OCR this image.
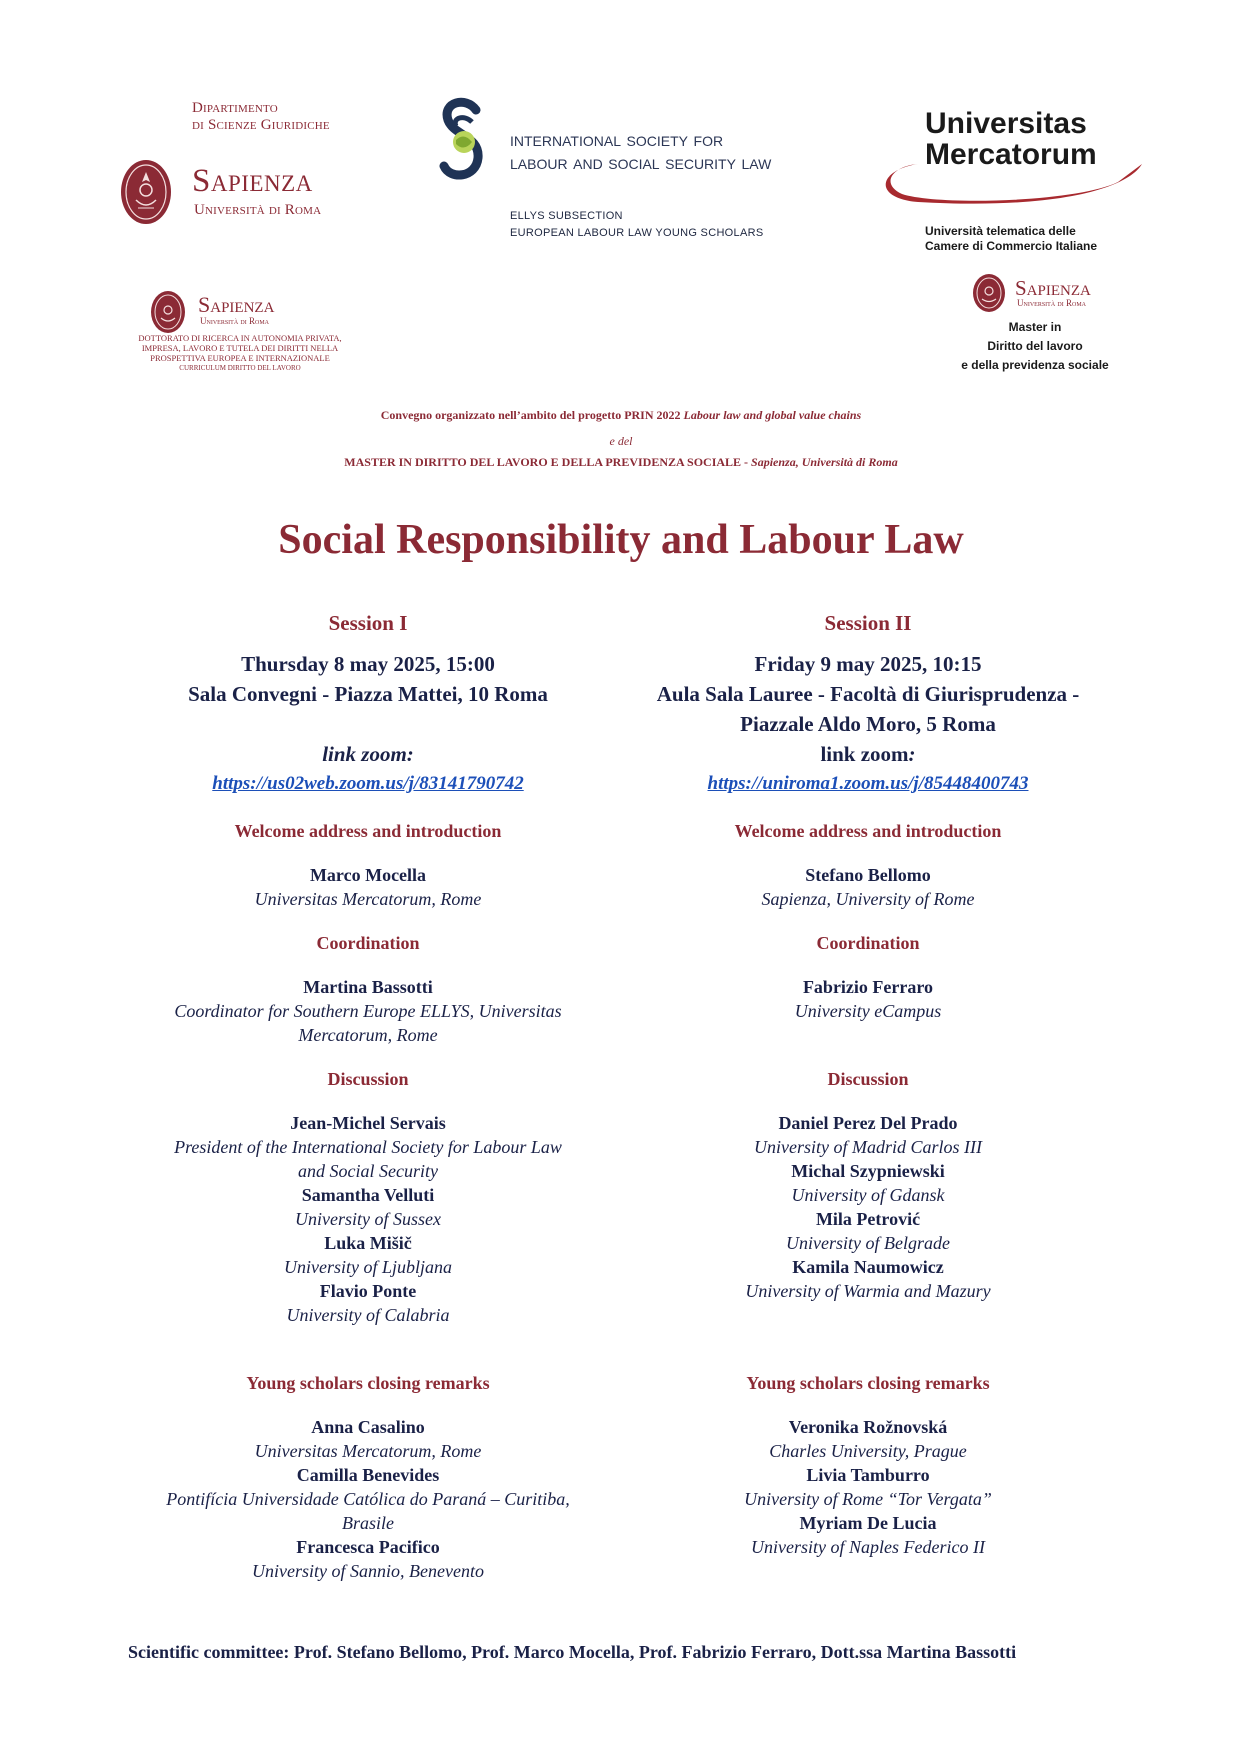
Dipartimento
di Scienze Giuridiche
Sapienza
Università di Roma
international society for
labour and social security law
ELLYS SUBSECTION
EUROPEAN LABOUR LAW YOUNG SCHOLARS
Universitas
Mercatorum
Università telematica delle
Camere di Commercio Italiane
Sapienza
Università di Roma
DOTTORATO DI RICERCA IN AUTONOMIA PRIVATA, IMPRESA, LAVORO E TUTELA DEI DIRITTI NELLA PROSPETTIVA EUROPEA E INTERNAZIONALE
CURRICULUM DIRITTO DEL LAVORO
Sapienza
Università di Roma
Master in
Diritto del lavoro
e della previdenza sociale
Convegno organizzato nell’ambito del progetto PRIN 2022 Labour law and global value chains
e del
MASTER IN DIRITTO DEL LAVORO E DELLA PREVIDENZA SOCIALE - Sapienza, Università di Roma
Social Responsibility and Labour Law
Session I
Thursday 8 may 2025, 15:00
Sala Convegni - Piazza Mattei, 10 Roma
link zoom:
https://us02web.zoom.us/j/83141790742
Welcome address and introduction
Marco Mocella
Universitas Mercatorum, Rome
Coordination
Martina Bassotti
Coordinator for Southern Europe ELLYS, Universitas
Mercatorum, Rome
Discussion
Jean-Michel Servais
President of the International Society for Labour Law
and Social Security
Samantha Velluti
University of Sussex
Luka Mišič
University of Ljubljana
Flavio Ponte
University of Calabria
Young scholars closing remarks
Anna Casalino
Universitas Mercatorum, Rome
Camilla Benevides
Pontifícia Universidade Católica do Paraná – Curitiba,
Brasile
Francesca Pacifico
University of Sannio, Benevento
Session II
Friday 9 may 2025, 10:15
Aula Sala Lauree - Facoltà di Giurisprudenza -
Piazzale Aldo Moro, 5 Roma
link zoom:
https://uniroma1.zoom.us/j/85448400743
Welcome address and introduction
Stefano Bellomo
Sapienza, University of Rome
Coordination
Fabrizio Ferraro
University eCampus
Discussion
Daniel Perez Del Prado
University of Madrid Carlos III
Michal Szypniewski
University of Gdansk
Mila Petrović
University of Belgrade
Kamila Naumowicz
University of Warmia and Mazury
Young scholars closing remarks
Veronika Rožnovská
Charles University, Prague
Livia Tamburro
University of Rome “Tor Vergata”
Myriam De Lucia
University of Naples Federico II
Scientific committee: Prof. Stefano Bellomo, Prof. Marco Mocella, Prof. Fabrizio Ferraro, Dott.ssa Martina Bassotti
